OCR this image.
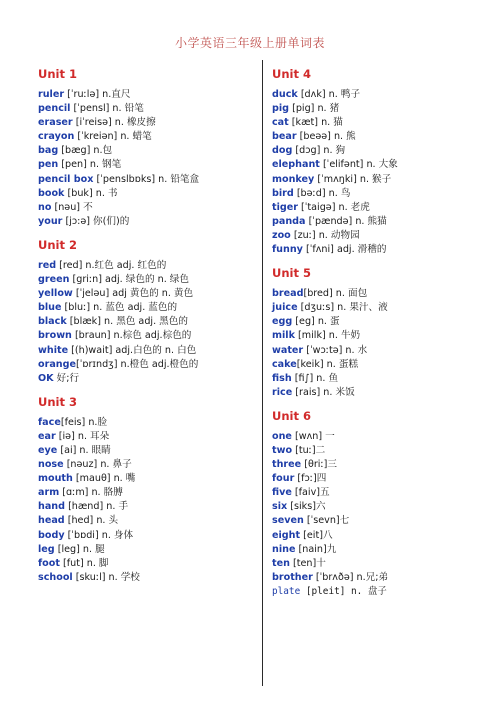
小学英语三年级上册单词表
Unit 1
ruler [ˈruːlə] n.直尺
pencil [ˈpensl] n. 铅笔
eraser [iˈreisə] n. 橡皮擦
crayon [ˈkreiən] n. 蜡笔
bag [bæg] n.包
pen [pen] n. 钢笔
pencil box [ˈpenslbɒks] n. 铅笔盒
book [buk] n. 书
no [nəu] 不
your [jɔ:ə] 你(们)的
Unit 2
red [red] n.红色 adj. 红色的
green [griːn] adj. 绿色的 n. 绿色
yellow [ˈjeləu] adj 黄色的 n. 黄色
blue [bluː] n. 蓝色 adj. 蓝色的
black [blæk] n. 黑色 adj. 黑色的
brown [braun] n.棕色 adj.棕色的
white [(h)wait] adj.白色的 n. 白色
orange[ˈɒrɪndʒ] n.橙色 adj.橙色的
OK 好;行
Unit 3
face[feis] n.脸
ear [iə] n. 耳朵
eye [ai] n. 眼睛
nose [nəuz] n. 鼻子
mouth [mauθ] n. 嘴
arm [ɑːm] n. 胳膊
hand [hænd] n. 手
head [hed] n. 头
body [ˈbɒdi] n. 身体
leg [leg] n. 腿
foot [fut] n. 脚
school [skuːl] n. 学校
Unit 4
duck [dʌk] n. 鸭子
pig [pig] n. 猪
cat [kæt] n. 猫
bear [beəə] n. 熊
dog [dɔg] n. 狗
elephant [ˈelifənt] n. 大象
monkey [ˈmʌŋki] n. 猴子
bird [bəːd] n. 鸟
tiger [ˈtaigə] n. 老虎
panda [ˈpændə] n. 熊猫
zoo [zuː] n. 动物园
funny [ˈfʌni] adj. 滑稽的
Unit 5
bread[bred] n. 面包
juice [dʒuːs] n. 果汁、液
egg [eg] n. 蛋
milk [milk] n. 牛奶
water [ˈwɔːtə] n. 水
cake[keik] n. 蛋糕
fish [fi∫] n. 鱼
rice [rais] n. 米饭
Unit 6
one [wʌn] 一
two [tuː]二
three [θriː]三
four [fɔː]四
five [faiv]五
six [siks]六
seven [ˈsevn]七
eight [eit]八
nine [nain]九
ten [ten]十
brother [ˈbrʌðə] n.兄;弟
plate [pleit] n. 盘子
